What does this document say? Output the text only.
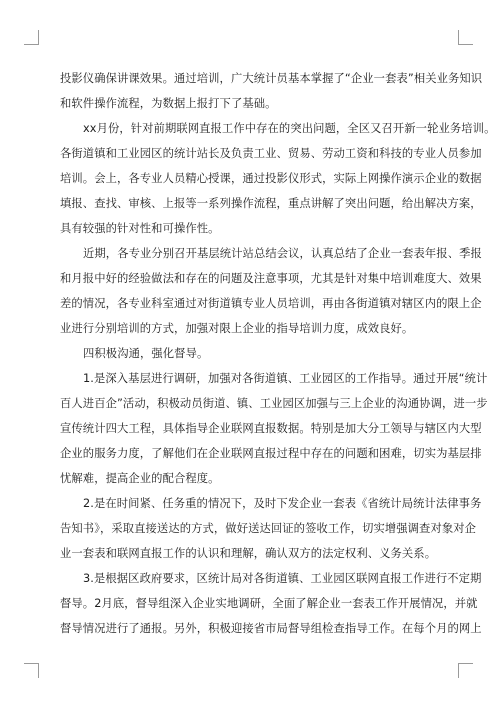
投影仪确保讲课效果。通过培训，广大统计员基本掌握了“企业一套表”相关业务知识
和软件操作流程，为数据上报打下了基础。
xx月份，针对前期联网直报工作中存在的突出问题，全区又召开新一轮业务培训。
各街道镇和工业园区的统计站长及负责工业、贸易、劳动工资和科技的专业人员参加
培训。会上，各专业人员精心授课，通过投影仪形式，实际上网操作演示企业的数据
填报、查找、审核、上报等一系列操作流程，重点讲解了突出问题，给出解决方案，
具有较强的针对性和可操作性。
近期，各专业分别召开基层统计站总结会议，认真总结了企业一套表年报、季报
和月报中好的经验做法和存在的问题及注意事项，尤其是针对集中培训难度大、效果
差的情况，各专业科室通过对街道镇专业人员培训，再由各街道镇对辖区内的限上企
业进行分别培训的方式，加强对限上企业的指导培训力度，成效良好。
四积极沟通，强化督导。
1.是深入基层进行调研，加强对各街道镇、工业园区的工作指导。通过开展“统计
百人进百企”活动，积极动员街道、镇、工业园区加强与三上企业的沟通协调，进一步
宣传统计四大工程，具体指导企业联网直报数据。特别是加大分工领导与辖区内大型
企业的服务力度，了解他们在企业联网直报过程中存在的问题和困难，切实为基层排
忧解难，提高企业的配合程度。
2.是在时间紧、任务重的情况下，及时下发企业一套表《省统计局统计法律事务
告知书》，采取直接送达的方式，做好送达回证的签收工作，切实增强调查对象对企
业一套表和联网直报工作的认识和理解，确认双方的法定权利、义务关系。
3.是根据区政府要求，区统计局对各街道镇、工业园区联网直报工作进行不定期
督导。2月底，督导组深入企业实地调研，全面了解企业一套表工作开展情况，并就
督导情况进行了通报。另外，积极迎接省市局督导组检查指导工作。在每个月的网上
